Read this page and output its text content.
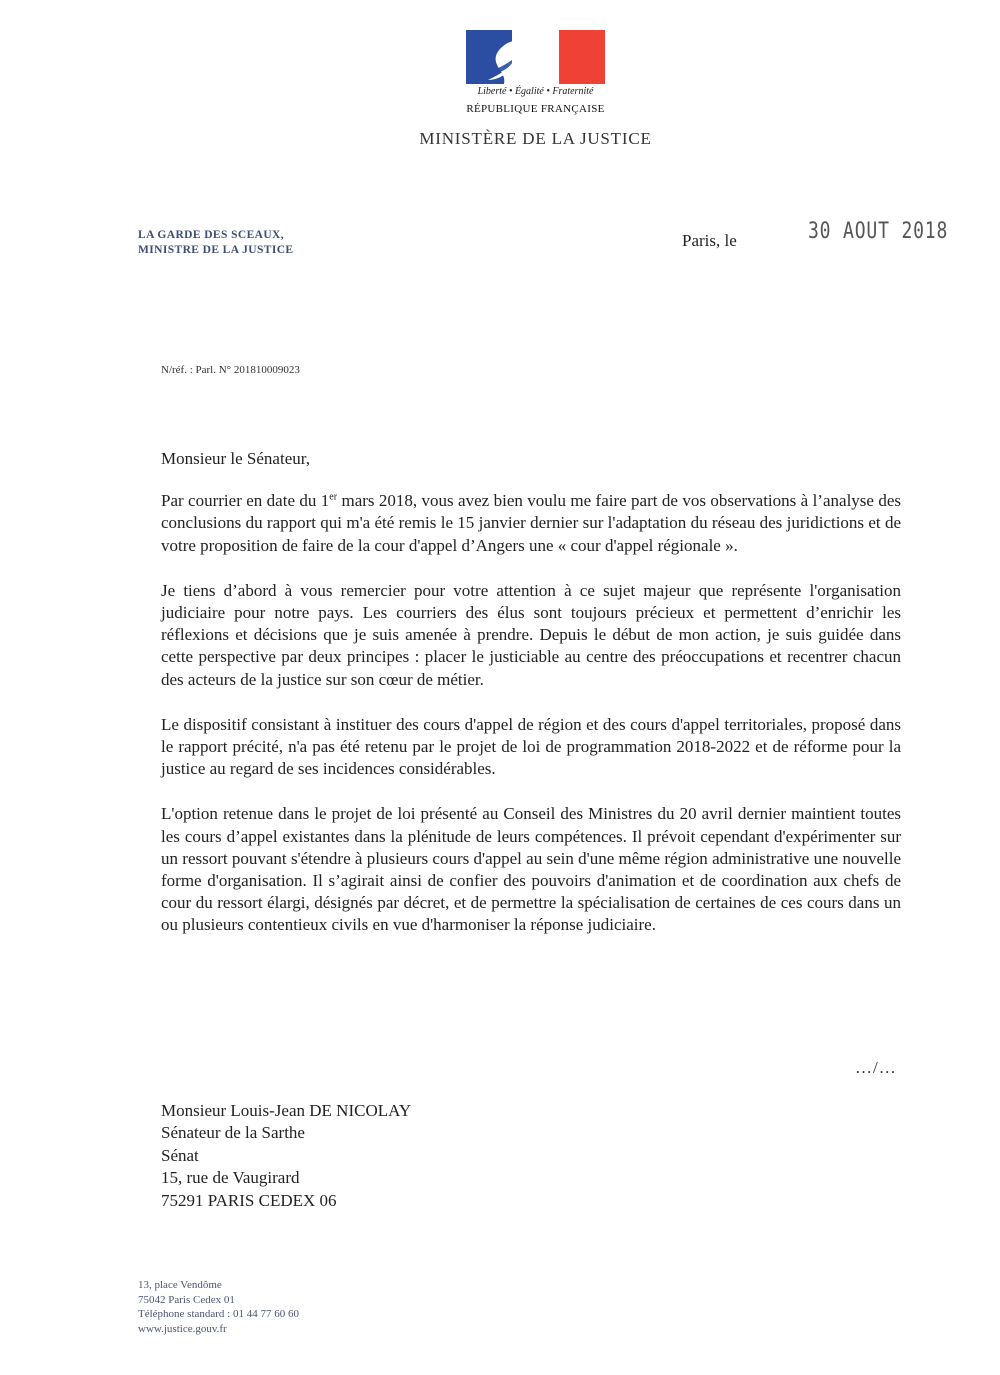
Liberté • Égalité • Fraternité
RÉPUBLIQUE FRANÇAISE
MINISTÈRE DE LA JUSTICE
LA GARDE DES SCEAUX,
MINISTRE DE LA JUSTICE	Paris, le	30 AOUT 2018
N/réf. : Parl. N° 201810009023

Monsieur le Sénateur,

Par courrier en date du 1er mars 2018, vous avez bien voulu me faire part de vos observations à l’analyse des conclusions du rapport qui m'a été remis le 15 janvier dernier sur l'adaptation du réseau des juridictions et de votre proposition de faire de la cour d'appel d’Angers une « cour d'appel régionale ».

Je tiens d’abord à vous remercier pour votre attention à ce sujet majeur que représente l'organisation judiciaire pour notre pays. Les courriers des élus sont toujours précieux et permettent d’enrichir les réflexions et décisions que je suis amenée à prendre. Depuis le début de mon action, je suis guidée dans cette perspective par deux principes : placer le justiciable au centre des préoccupations et recentrer chacun des acteurs de la justice sur son cœur de métier.

Le dispositif consistant à instituer des cours d'appel de région et des cours d'appel territoriales, proposé dans le rapport précité, n'a pas été retenu par le projet de loi de programmation 2018-2022 et de réforme pour la justice au regard de ses incidences considérables.

L'option retenue dans le projet de loi présenté au Conseil des Ministres du 20 avril dernier maintient toutes les cours d’appel existantes dans la plénitude de leurs compétences. Il prévoit cependant d'expérimenter sur un ressort pouvant s'étendre à plusieurs cours d'appel au sein d'une même région administrative une nouvelle forme d'organisation. Il s’agirait ainsi de confier des pouvoirs d'animation et de coordination aux chefs de cour du ressort élargi, désignés par décret, et de permettre la spécialisation de certaines de ces cours dans un ou plusieurs contentieux civils en vue d'harmoniser la réponse judiciaire.

…/…
Monsieur Louis-Jean DE NICOLAY
Sénateur de la Sarthe
Sénat
15, rue de Vaugirard
75291 PARIS CEDEX 06
13, place Vendôme
75042 Paris Cedex 01
Téléphone standard : 01 44 77 60 60
www.justice.gouv.fr
